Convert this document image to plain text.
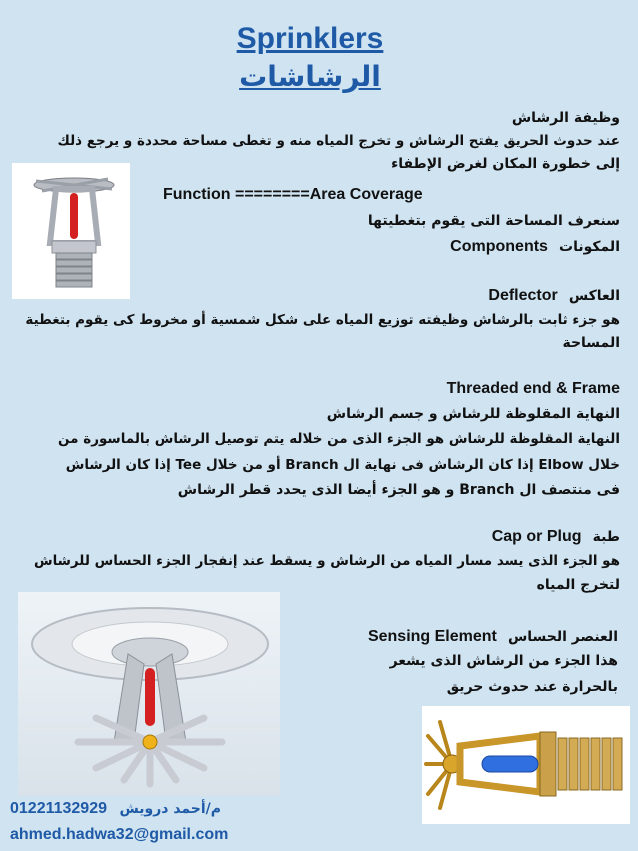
Sprinklers
الرشاشات
وظيفة الرشاش
عند حدوث الحريق يفتح الرشاش و تخرج المياه منه و تغطى مساحة محددة و يرجع ذلك
إلى خطورة المكان لغرض الإطفاء
Function ========Area Coverage
سنعرف المساحة التى يقوم بتغطيتها
المكونات Components
العاكس Deflector
هو جزء ثابت بالرشاش وظيفته توزيع المياه على شكل شمسية أو مخروط كى يقوم بتغطية
المساحة
Threaded end & Frame
النهاية المقلوظة للرشاش و جسم الرشاش
النهاية المقلوظة للرشاش هو الجزء الذى من خلاله يتم توصيل الرشاش بالماسورة من
خلال Elbow إذا كان الرشاش فى نهاية ال Branch أو من خلال Tee إذا كان الرشاش
فى منتصف ال Branch و هو الجزء أيضا الذى يحدد قطر الرشاش
طبة Cap or Plug
هو الجزء الذى يسد مسار المياه من الرشاش و يسقط عند إنفجار الجزء الحساس للرشاش
لتخرج المياه
العنصر الحساس Sensing Element
هذا الجزء من الرشاش الذى يشعر
بالحرارة عند حدوث حريق
01221132929 م/أحمد درويش
ahmed.hadwa32@gmail.com
